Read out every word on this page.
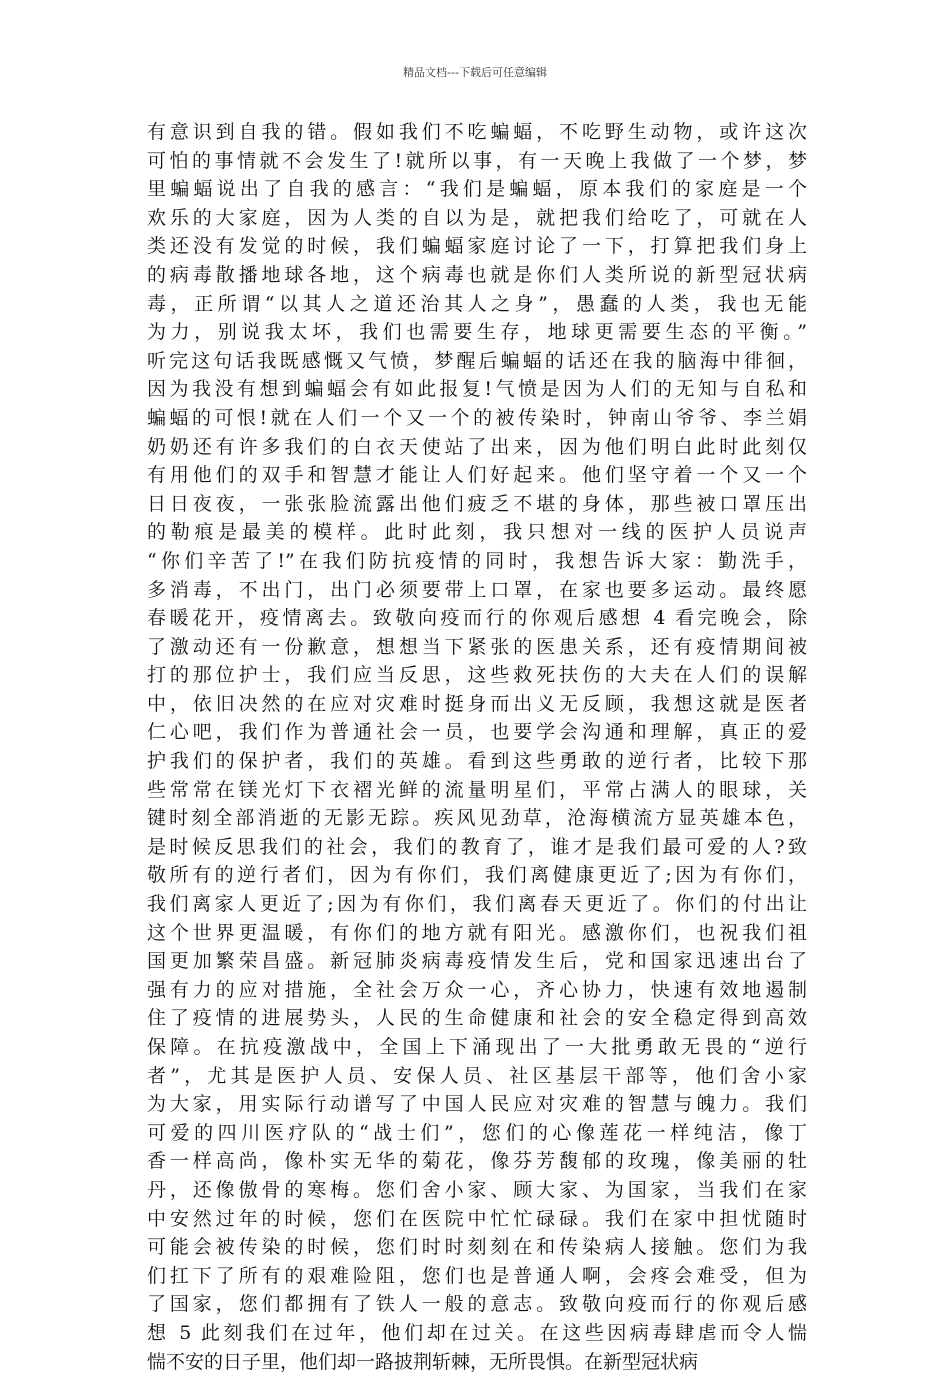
精品文档---下载后可任意编辑
有意识到自我的错。假如我们不吃蝙蝠，不吃野生动物，或许这次
可怕的事情就不会发生了!就所以事，有一天晚上我做了一个梦，梦
里蝙蝠说出了自我的感言：“我们是蝙蝠，原本我们的家庭是一个
欢乐的大家庭，因为人类的自以为是，就把我们给吃了，可就在人
类还没有发觉的时候，我们蝙蝠家庭讨论了一下，打算把我们身上
的病毒散播地球各地，这个病毒也就是你们人类所说的新型冠状病
毒，正所谓“以其人之道还治其人之身”，愚蠢的人类，我也无能
为力，别说我太坏，我们也需要生存，地球更需要生态的平衡。”
听完这句话我既感慨又气愤，梦醒后蝙蝠的话还在我的脑海中徘徊，
因为我没有想到蝙蝠会有如此报复!气愤是因为人们的无知与自私和
蝙蝠的可恨!就在人们一个又一个的被传染时，钟南山爷爷、李兰娟
奶奶还有许多我们的白衣天使站了出来，因为他们明白此时此刻仅
有用他们的双手和智慧才能让人们好起来。他们坚守着一个又一个
日日夜夜，一张张脸流露出他们疲乏不堪的身体，那些被口罩压出
的勒痕是最美的模样。此时此刻，我只想对一线的医护人员说声
“你们辛苦了!”在我们防抗疫情的同时，我想告诉大家：勤洗手，
多消毒，不出门，出门必须要带上口罩，在家也要多运动。最终愿
春暖花开，疫情离去。致敬向疫而行的你观后感想 4 看完晚会，除
了激动还有一份歉意，想想当下紧张的医患关系，还有疫情期间被
打的那位护士，我们应当反思，这些救死扶伤的大夫在人们的误解
中，依旧决然的在应对灾难时挺身而出义无反顾，我想这就是医者
仁心吧，我们作为普通社会一员，也要学会沟通和理解，真正的爱
护我们的保护者，我们的英雄。看到这些勇敢的逆行者，比较下那
些常常在镁光灯下衣褶光鲜的流量明星们，平常占满人的眼球，关
键时刻全部消逝的无影无踪。疾风见劲草，沧海横流方显英雄本色，
是时候反思我们的社会，我们的教育了，谁才是我们最可爱的人?致
敬所有的逆行者们，因为有你们，我们离健康更近了;因为有你们，
我们离家人更近了;因为有你们，我们离春天更近了。你们的付出让
这个世界更温暖，有你们的地方就有阳光。感激你们，也祝我们祖
国更加繁荣昌盛。新冠肺炎病毒疫情发生后，党和国家迅速出台了
强有力的应对措施，全社会万众一心，齐心协力，快速有效地遏制
住了疫情的进展势头，人民的生命健康和社会的安全稳定得到高效
保障。在抗疫激战中，全国上下涌现出了一大批勇敢无畏的“逆行
者”，尤其是医护人员、安保人员、社区基层干部等，他们舍小家
为大家，用实际行动谱写了中国人民应对灾难的智慧与魄力。我们
可爱的四川医疗队的“战士们”，您们的心像莲花一样纯洁，像丁
香一样高尚，像朴实无华的菊花，像芬芳馥郁的玫瑰，像美丽的牡
丹，还像傲骨的寒梅。您们舍小家、顾大家、为国家，当我们在家
中安然过年的时候，您们在医院中忙忙碌碌。我们在家中担忧随时
可能会被传染的时候，您们时时刻刻在和传染病人接触。您们为我
们扛下了所有的艰难险阻，您们也是普通人啊，会疼会难受，但为
了国家，您们都拥有了铁人一般的意志。致敬向疫而行的你观后感
想 5 此刻我们在过年，他们却在过关。在这些因病毒肆虐而令人惴
惴不安的日子里，他们却一路披荆斩棘，无所畏惧。在新型冠状病
